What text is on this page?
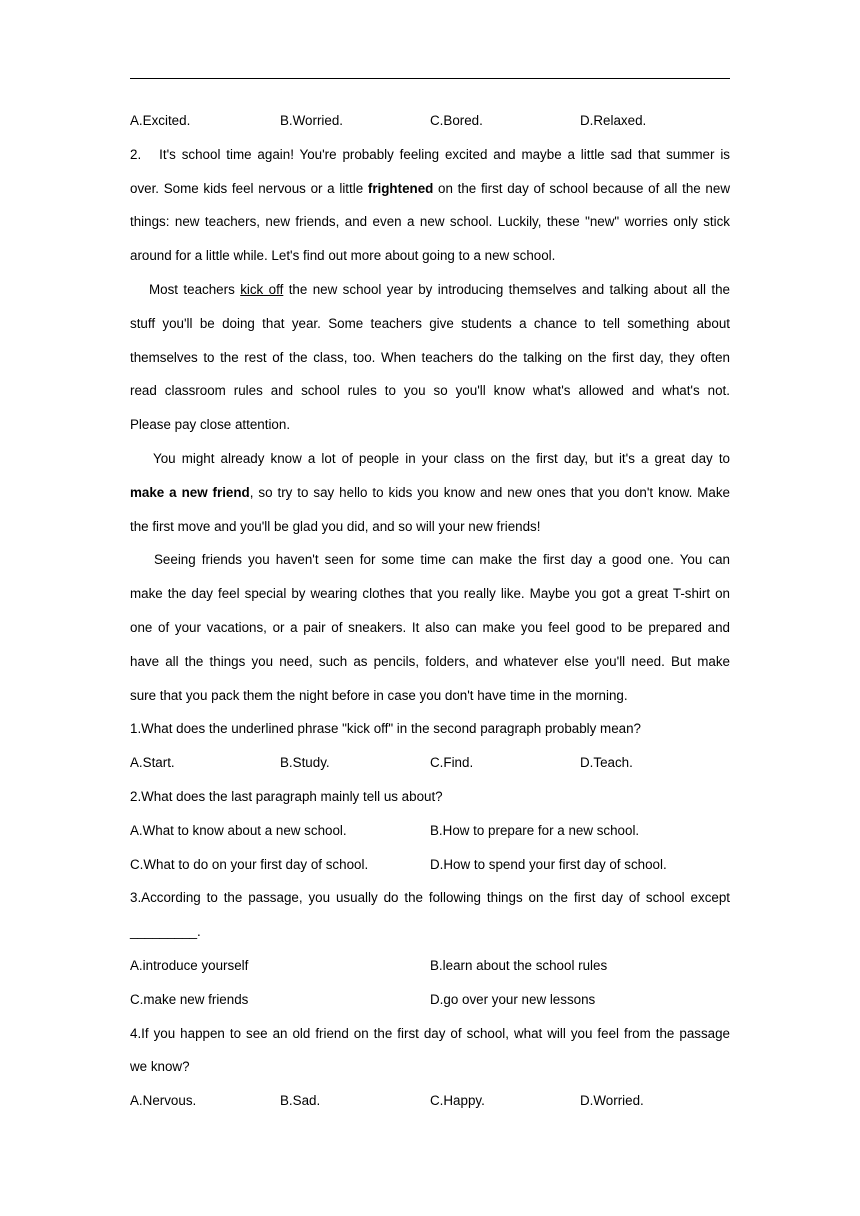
A.Excited.	B.Worried.	C.Bored.	D.Relaxed.
2. It's school time again! You're probably feeling excited and maybe a little sad that summer is
over. Some kids feel nervous or a little frightened on the first day of school because of all the new
things: new teachers, new friends, and even a new school. Luckily, these "new" worries only stick
around for a little while. Let's find out more about going to a new school.
Most teachers kick off the new school year by introducing themselves and talking about all the
stuff you'll be doing that year. Some teachers give students a chance to tell something about
themselves to the rest of the class, too. When teachers do the talking on the first day, they often
read classroom rules and school rules to you so you'll know what's allowed and what's not.
Please pay close attention.
You might already know a lot of people in your class on the first day, but it's a great day to
make a new friend, so try to say hello to kids you know and new ones that you don't know. Make
the first move and you'll be glad you did, and so will your new friends!
Seeing friends you haven't seen for some time can make the first day a good one. You can
make the day feel special by wearing clothes that you really like. Maybe you got a great T-shirt on
one of your vacations, or a pair of sneakers. It also can make you feel good to be prepared and
have all the things you need, such as pencils, folders, and whatever else you'll need. But make
sure that you pack them the night before in case you don't have time in the morning.
1.What does the underlined phrase "kick off" in the second paragraph probably mean?
A.Start.	B.Study.	C.Find.	D.Teach.
2.What does the last paragraph mainly tell us about?
A.What to know about a new school.	B.How to prepare for a new school.
C.What to do on your first day of school.	D.How to spend your first day of school.
3.According to the passage, you usually do the following things on the first day of school except
_________.
A.introduce yourself	B.learn about the school rules
C.make new friends	D.go over your new lessons
4.If you happen to see an old friend on the first day of school, what will you feel from the passage
we know?
A.Nervous.	B.Sad.	C.Happy.	D.Worried.
